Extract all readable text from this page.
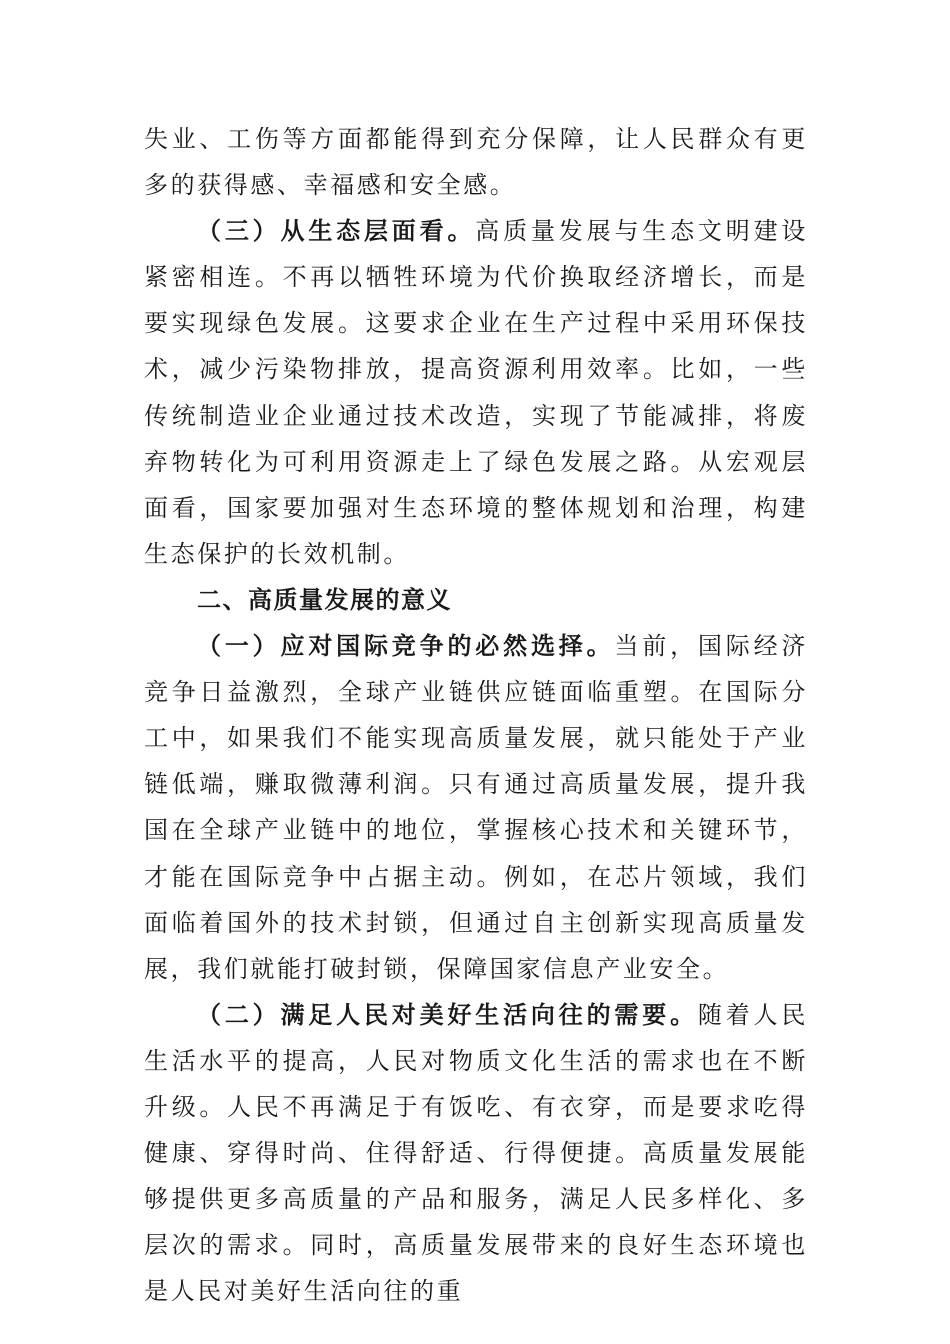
失业、工伤等方面都能得到充分保障，让人民群众有更多的获得感、幸福感和安全感。

（三）从生态层面看。高质量发展与生态文明建设紧密相连。不再以牺牲环境为代价换取经济增长，而是要实现绿色发展。这要求企业在生产过程中采用环保技术，减少污染物排放，提高资源利用效率。比如，一些传统制造业企业通过技术改造，实现了节能减排，将废弃物转化为可利用资源走上了绿色发展之路。从宏观层面看，国家要加强对生态环境的整体规划和治理，构建生态保护的长效机制。

二、高质量发展的意义

（一）应对国际竞争的必然选择。当前，国际经济竞争日益激烈，全球产业链供应链面临重塑。在国际分工中，如果我们不能实现高质量发展，就只能处于产业链低端，赚取微薄利润。只有通过高质量发展，提升我国在全球产业链中的地位，掌握核心技术和关键环节，才能在国际竞争中占据主动。例如，在芯片领域，我们面临着国外的技术封锁，但通过自主创新实现高质量发展，我们就能打破封锁，保障国家信息产业安全。

（二）满足人民对美好生活向往的需要。随着人民生活水平的提高，人民对物质文化生活的需求也在不断升级。人民不再满足于有饭吃、有衣穿，而是要求吃得健康、穿得时尚、住得舒适、行得便捷。高质量发展能够提供更多高质量的产品和服务，满足人民多样化、多层次的需求。同时，高质量发展带来的良好生态环境也是人民对美好生活向往的重
